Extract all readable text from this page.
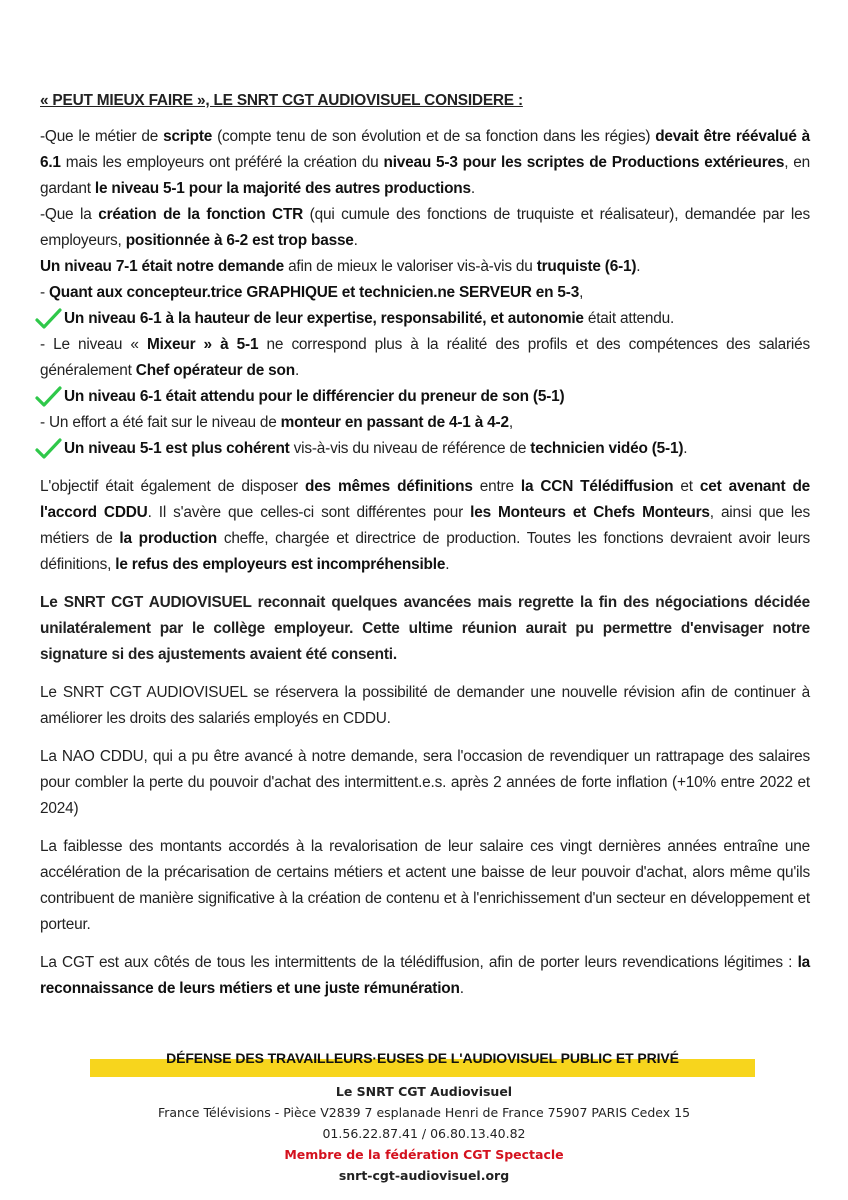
« PEUT MIEUX FAIRE », LE SNRT CGT AUDIOVISUEL CONSIDERE :

-Que le métier de scripte (compte tenu de son évolution et de sa fonction dans les régies) devait être réévalué à 6.1 mais les employeurs ont préféré la création du niveau 5-3 pour les scriptes de Productions extérieures, en gardant le niveau 5-1 pour la majorité des autres productions.
-Que la création de la fonction CTR (qui cumule des fonctions de truquiste et réalisateur), demandée par les employeurs, positionnée à 6-2 est trop basse.
Un niveau 7-1 était notre demande afin de mieux le valoriser vis-à-vis du truquiste (6-1).

- Quant aux concepteur.trice GRAPHIQUE et technicien.ne SERVEUR en 5-3,

Un niveau 6-1 à la hauteur de leur expertise, responsabilité, et autonomie était attendu.

- Le niveau « Mixeur » à 5-1 ne correspond plus à la réalité des profils et des compétences des salariés généralement Chef opérateur de son.

Un niveau 6-1 était attendu pour le différencier du preneur de son (5-1)

- Un effort a été fait sur le niveau de monteur en passant de 4-1 à 4-2,

Un niveau 5-1 est plus cohérent vis-à-vis du niveau de référence de technicien vidéo (5-1).

L'objectif était également de disposer des mêmes définitions entre la CCN Télédiffusion et cet avenant de l'accord CDDU. Il s'avère que celles-ci sont différentes pour les Monteurs et Chefs Monteurs, ainsi que les métiers de la production cheffe, chargée et directrice de production. Toutes les fonctions devraient avoir leurs définitions, le refus des employeurs est incompréhensible.

Le SNRT CGT AUDIOVISUEL reconnait quelques avancées mais regrette la fin des négociations décidée unilatéralement par le collège employeur. Cette ultime réunion aurait pu permettre d'envisager notre signature si des ajustements avaient été consenti.

Le SNRT CGT AUDIOVISUEL se réservera la possibilité de demander une nouvelle révision afin de continuer à améliorer les droits des salariés employés en CDDU.

La NAO CDDU, qui a pu être avancé à notre demande, sera l'occasion de revendiquer un rattrapage des salaires pour combler la perte du pouvoir d'achat des intermittent.e.s. après 2 années de forte inflation (+10% entre 2022 et 2024)

La faiblesse des montants accordés à la revalorisation de leur salaire ces vingt dernières années entraîne une accélération de la précarisation de certains métiers et actent une baisse de leur pouvoir d'achat, alors même qu'ils contribuent de manière significative à la création de contenu et à l'enrichissement d'un secteur en développement et porteur.

La CGT est aux côtés de tous les intermittents de la télédiffusion, afin de porter leurs revendications légitimes : la reconnaissance de leurs métiers et une juste rémunération.

DÉFENSE DES TRAVAILLEURS·EUSES DE L'AUDIOVISUEL PUBLIC ET PRIVÉ
Le SNRT CGT Audiovisuel
France Télévisions - Pièce V2839 7 esplanade Henri de France 75907 PARIS Cedex 15
01.56.22.87.41 / 06.80.13.40.82
Membre de la fédération CGT Spectacle
snrt-cgt-audiovisuel.org
